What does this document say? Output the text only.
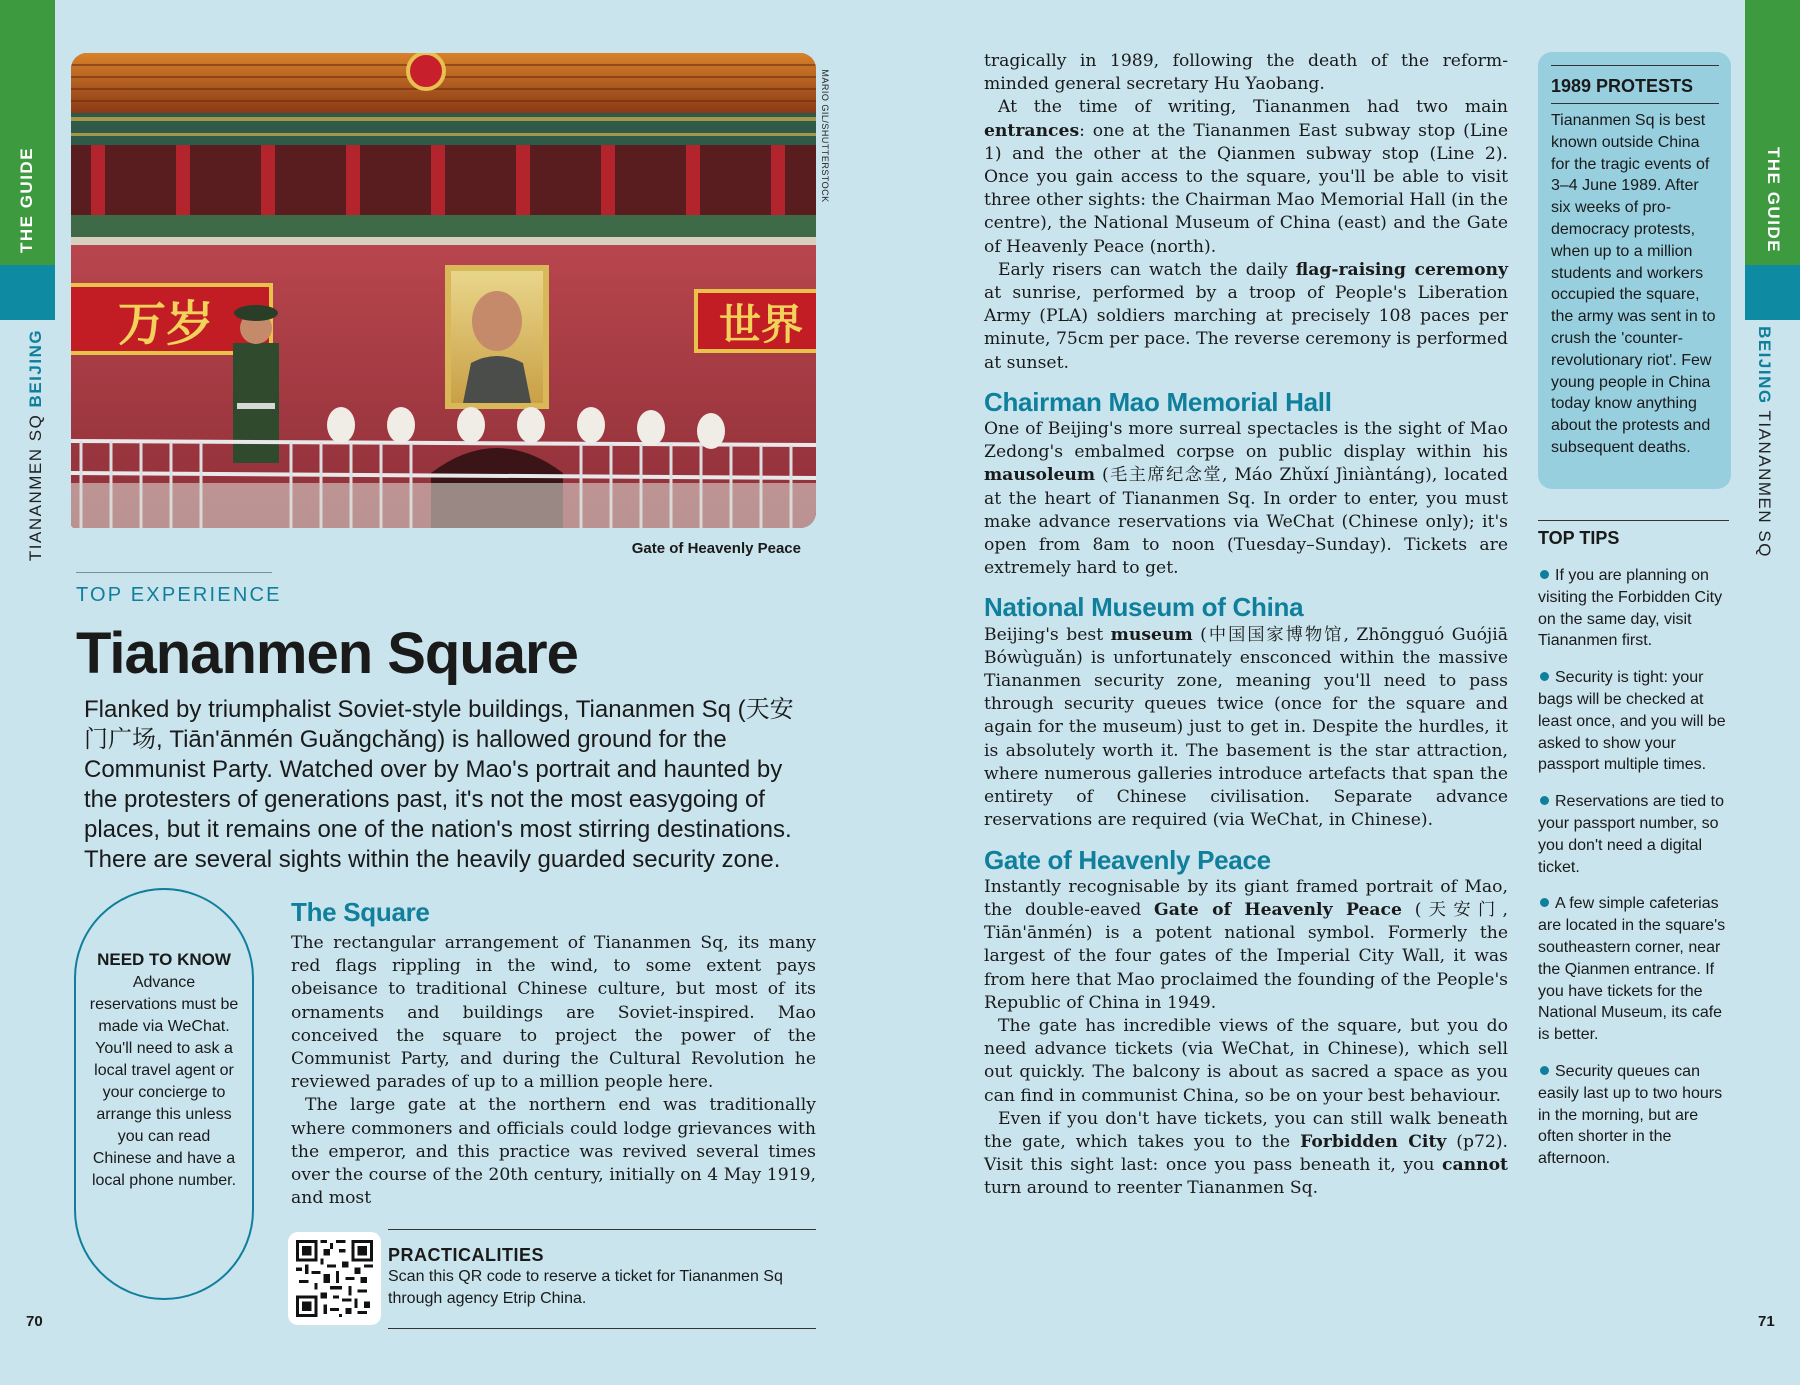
THE GUIDE
TIANANMEN SQ BEIJING
万岁	世界
MARIO GIL/SHUTTERSTOCK
Gate of Heavenly Peace
TOP EXPERIENCE
Tiananmen Square
Flanked by triumphalist Soviet-style buildings, Tiananmen Sq (天安门广场, Tiān'ānmén Guǎngchǎng) is hallowed ground for the Communist Party. Watched over by Mao's portrait and haunted by the protesters of generations past, it's not the most easygoing of places, but it remains one of the nation's most stirring destinations. There are several sights within the heavily guarded security zone.
NEED TO KNOW
Advance reservations must be made via WeChat. You'll need to ask a local travel agent or your concierge to arrange this unless you can read Chinese and have a local phone number.
The Square

The rectangular arrangement of Tiananmen Sq, its many red flags rippling in the wind, to some extent pays obeisance to traditional Chinese culture, but most of its ornaments and buildings are Soviet-inspired. Mao conceived the square to project the power of the Communist Party, and during the Cultural Revolution he reviewed parades of up to a million people here.

The large gate at the northern end was traditionally where commoners and officials could lodge grievances with the emperor, and this practice was revived several times over the course of the 20th century, initially on 4 May 1919, and most

PRACTICALITIES
Scan this QR code to reserve a ticket for Tiananmen Sq through agency Etrip China.
70

tragically in 1989, following the death of the reform-minded general secretary Hu Yaobang.

At the time of writing, Tiananmen had two main entrances: one at the Tiananmen East subway stop (Line 1) and the other at the Qianmen subway stop (Line 2). Once you gain access to the square, you'll be able to visit three other sights: the Chairman Mao Memorial Hall (in the centre), the National Museum of China (east) and the Gate of Heavenly Peace (north).

Early risers can watch the daily flag-raising ceremony at sunrise, performed by a troop of People's Liberation Army (PLA) soldiers marching at precisely 108 paces per minute, 75cm per pace. The reverse ceremony is performed at sunset.

Chairman Mao Memorial Hall

One of Beijing's more surreal spectacles is the sight of Mao Zedong's embalmed corpse on public display within his mausoleum (毛主席纪念堂, Máo Zhǔxí Jìniàntáng), located at the heart of Tiananmen Sq. In order to enter, you must make advance reservations via WeChat (Chinese only); it's open from 8am to noon (Tuesday–Sunday). Tickets are extremely hard to get.

National Museum of China

Beijing's best museum (中国国家博物馆, Zhōngguó Guójiā Bówùguǎn) is unfortunately ensconced within the massive Tiananmen security zone, meaning you'll need to pass through security queues twice (once for the square and again for the museum) just to get in. Despite the hurdles, it is absolutely worth it. The basement is the star attraction, where numerous galleries introduce artefacts that span the entirety of Chinese civilisation. Separate advance reservations are required (via WeChat, in Chinese).

Gate of Heavenly Peace

Instantly recognisable by its giant framed portrait of Mao, the double-eaved Gate of Heavenly Peace (天安门, Tiān'ānmén) is a potent national symbol. Formerly the largest of the four gates of the Imperial City Wall, it was from here that Mao proclaimed the founding of the People's Republic of China in 1949.

The gate has incredible views of the square, but you do need advance tickets (via WeChat, in Chinese), which sell out quickly. The balcony is about as sacred a space as you can find in communist China, so be on your best behaviour.

Even if you don't have tickets, you can still walk beneath the gate, which takes you to the Forbidden City (p72). Visit this sight last: once you pass beneath it, you cannot turn around to reenter Tiananmen Sq.

1989 PROTESTS
Tiananmen Sq is best known outside China for the tragic events of 3–4 June 1989. After six weeks of pro-democracy protests, when up to a million students and workers occupied the square, the army was sent in to crush the 'counter-revolutionary riot'. Few young people in China today know anything about the protests and subsequent deaths.
TOP TIPS
If you are planning on visiting the Forbidden City on the same day, visit Tiananmen first.
Security is tight: your bags will be checked at least once, and you will be asked to show your passport multiple times.
Reservations are tied to your passport number, so you don't need a digital ticket.
A few simple cafeterias are located in the square's southeastern corner, near the Qianmen entrance. If you have tickets for the National Museum, its cafe is better.
Security queues can easily last up to two hours in the morning, but are often shorter in the afternoon.
THE GUIDE
BEIJING TIANANMEN SQ
71
